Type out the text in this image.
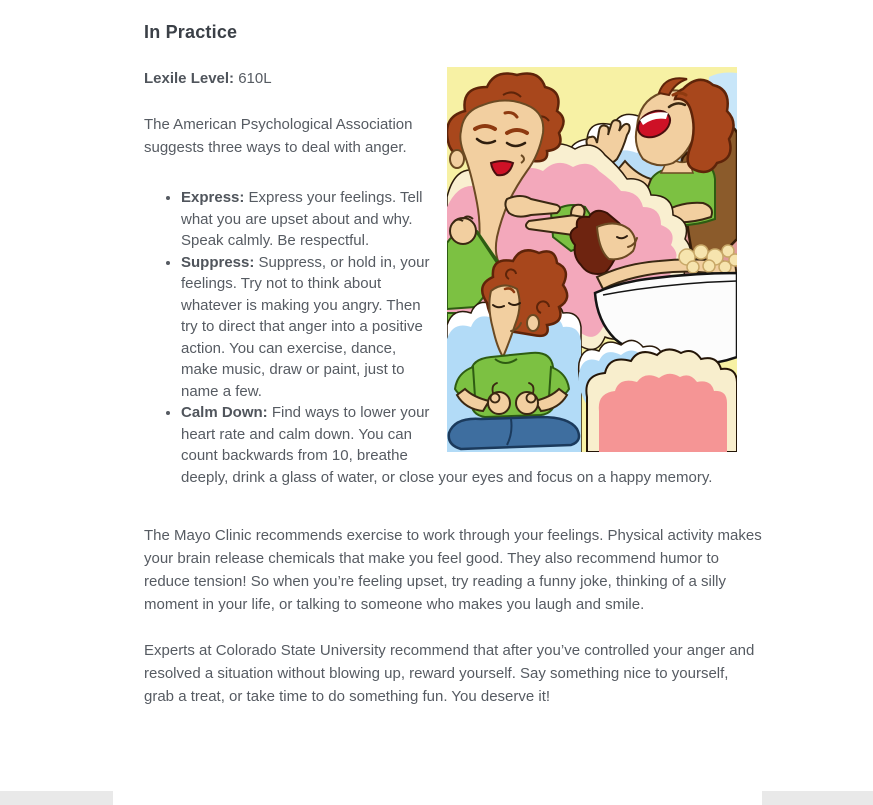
In Practice

Lexile Level: 610L

The American Psychological Association suggests three ways to deal with anger.

• Express: Express your feelings. Tell what you are upset about and why. Speak calmly. Be respectful.
• Suppress: Suppress, or hold in, your feelings. Try not to think about whatever is making you angry. Then try to direct that anger into a positive action. You can exercise, dance, make music, draw or paint, just to name a few.
• Calm Down: Find ways to lower your heart rate and calm down. You can count backwards from 10, breathe deeply, drink a glass of water, or close your eyes and focus on a happy memory.

The Mayo Clinic recommends exercise to work through your feelings. Physical activity makes your brain release chemicals that make you feel good. They also recommend humor to reduce tension! So when you’re feeling upset, try reading a funny joke, thinking of a silly moment in your life, or talking to someone who makes you laugh and smile.

Experts at Colorado State University recommend that after you’ve controlled your anger and resolved a situation without blowing up, reward yourself. Say something nice to yourself, grab a treat, or take time to do something fun. You deserve it!
